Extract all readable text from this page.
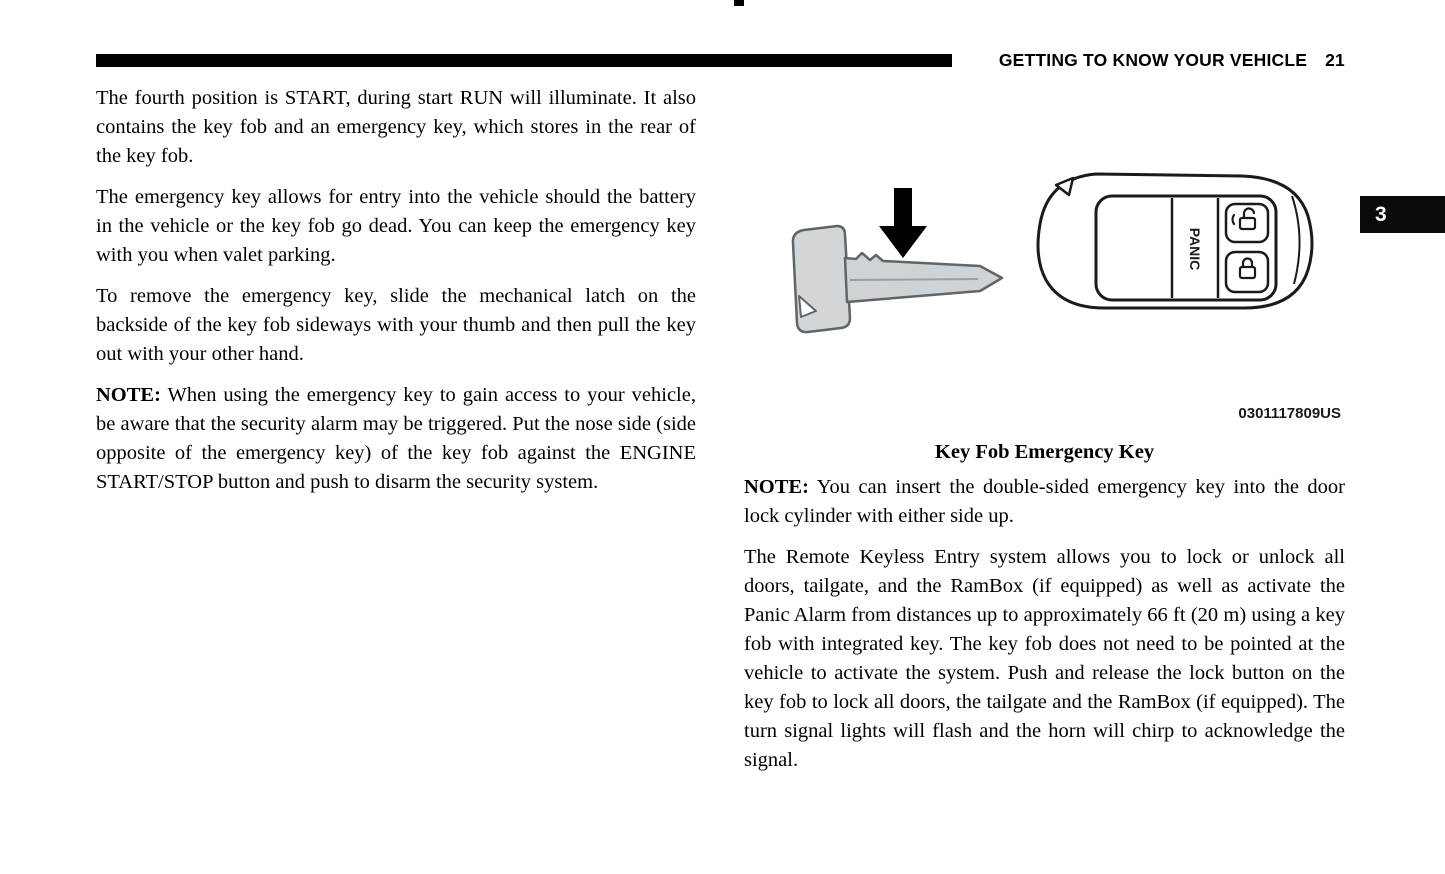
GETTING TO KNOW YOUR VEHICLE 21
3

The fourth position is START, during start RUN will illuminate. It also contains the key fob and an emergency key, which stores in the rear of the key fob.

The emergency key allows for entry into the vehicle should the battery in the vehicle or the key fob go dead. You can keep the emergency key with you when valet parking.

To remove the emergency key, slide the mechanical latch on the backside of the key fob sideways with your thumb and then pull the key out with your other hand.

NOTE: When using the emergency key to gain access to your vehicle, be aware that the security alarm may be triggered. Put the nose side (side opposite of the emergency key) of the key fob against the ENGINE START/STOP button and push to disarm the security system.

PANIC
0301117809US
Key Fob Emergency Key

NOTE: You can insert the double-sided emergency key into the door lock cylinder with either side up.

The Remote Keyless Entry system allows you to lock or unlock all doors, tailgate, and the RamBox (if equipped) as well as activate the Panic Alarm from distances up to approximately 66 ft (20 m) using a key fob with integrated key. The key fob does not need to be pointed at the vehicle to activate the system. Push and release the lock button on the key fob to lock all doors, the tailgate and the RamBox (if equipped). The turn signal lights will flash and the horn will chirp to acknowledge the signal.
